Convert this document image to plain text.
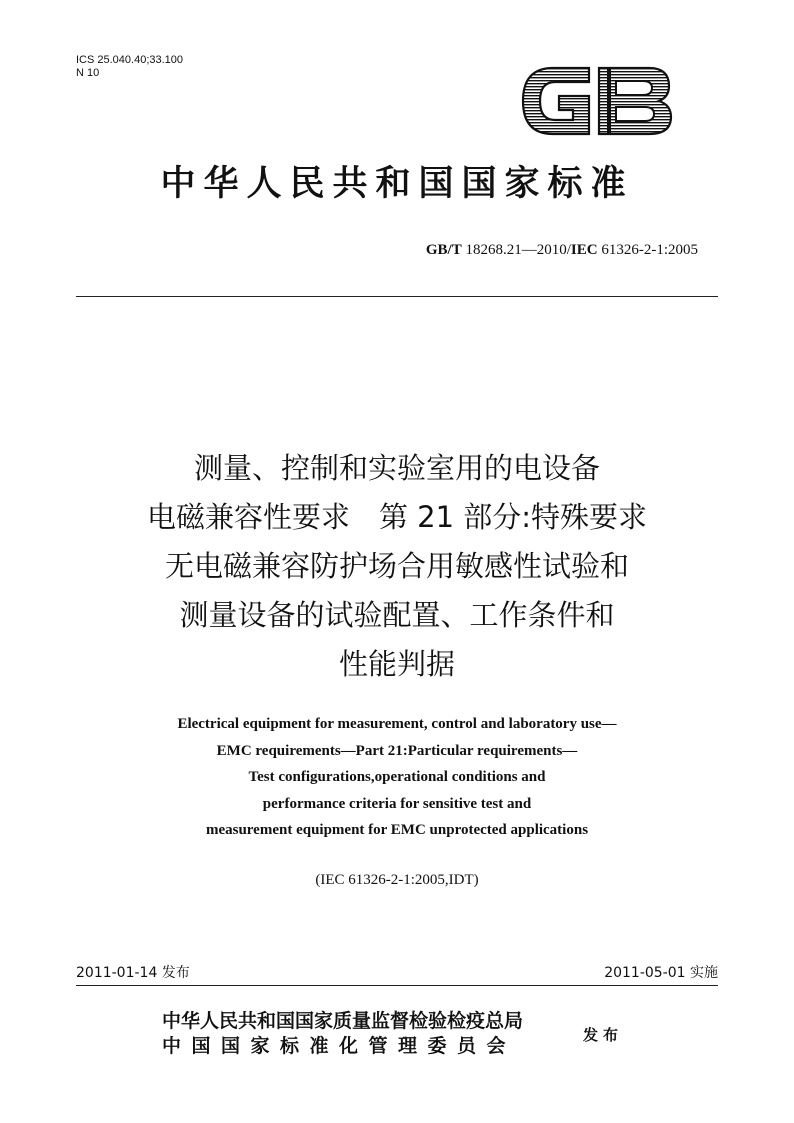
ICS 25.040.40;33.100
N 10
中华人民共和国国家标准
GB/T 18268.21—2010/IEC 61326-2-1:2005
测量、控制和实验室用的电设备
电磁兼容性要求　第 21 部分:特殊要求
无电磁兼容防护场合用敏感性试验和
测量设备的试验配置、工作条件和
性能判据
Electrical equipment for measurement, control and laboratory use—
EMC requirements—Part 21:Particular requirements—
Test configurations,operational conditions and
performance criteria for sensitive test and
measurement equipment for EMC unprotected applications
(IEC 61326-2-1:2005,IDT)
2011-01-14 发布	2011-05-01 实施
中华人民共和国国家质量监督检验检疫总局
中国国家标准化管理委员会	发布
